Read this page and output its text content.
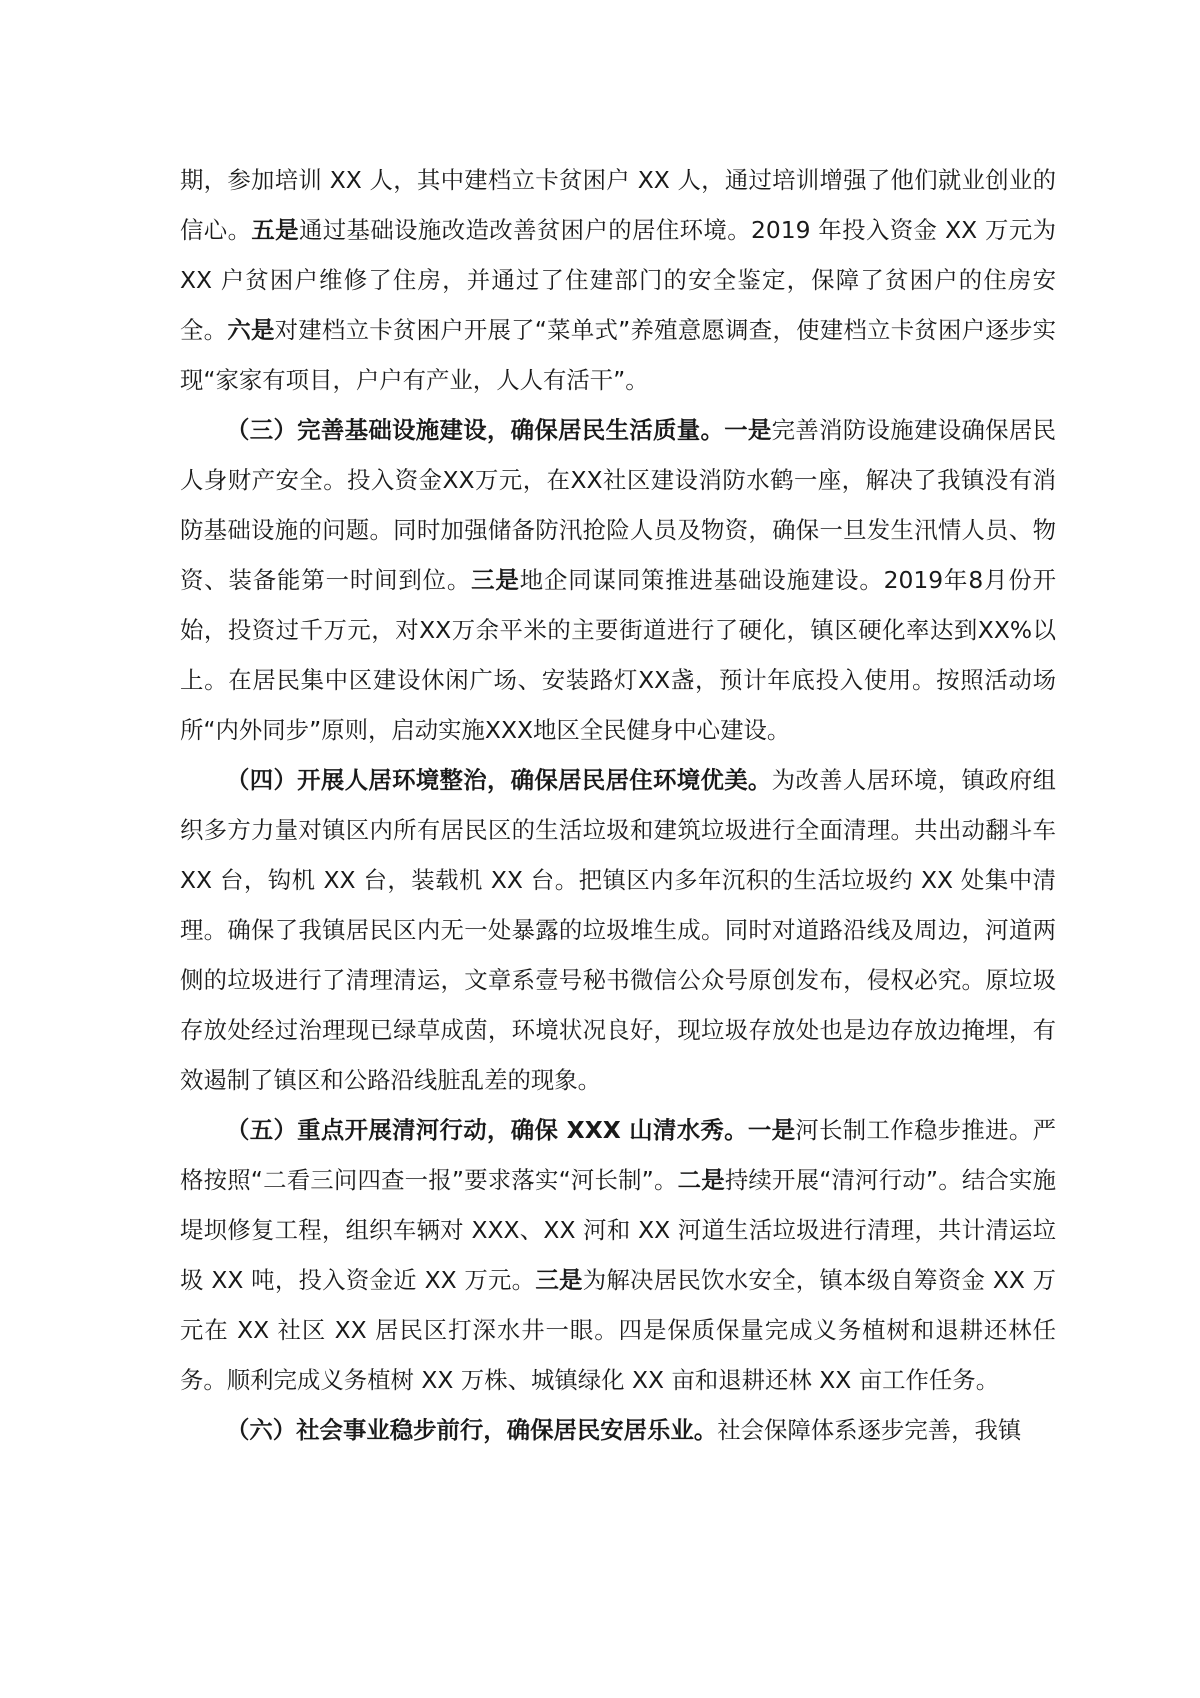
期，参加培训 XX 人，其中建档立卡贫困户 XX 人，通过培训增强了他们就业创业的信心。五是通过基础设施改造改善贫困户的居住环境。2019 年投入资金 XX 万元为 XX 户贫困户维修了住房，并通过了住建部门的安全鉴定，保障了贫困户的住房安全。六是对建档立卡贫困户开展了“菜单式”养殖意愿调查，使建档立卡贫困户逐步实现“家家有项目，户户有产业，人人有活干”。

（三）完善基础设施建设，确保居民生活质量。一是完善消防设施建设确保居民人身财产安全。投入资金XX万元，在XX社区建设消防水鹤一座，解决了我镇没有消防基础设施的问题。同时加强储备防汛抢险人员及物资，确保一旦发生汛情人员、物资、装备能第一时间到位。三是地企同谋同策推进基础设施建设。2019年8月份开始，投资过千万元，对XX万余平米的主要街道进行了硬化，镇区硬化率达到XX%以上。在居民集中区建设休闲广场、安装路灯XX盏，预计年底投入使用。按照活动场所“内外同步”原则，启动实施XXX地区全民健身中心建设。

（四）开展人居环境整治，确保居民居住环境优美。为改善人居环境，镇政府组织多方力量对镇区内所有居民区的生活垃圾和建筑垃圾进行全面清理。共出动翻斗车 XX 台，钩机 XX 台，装载机 XX 台。把镇区内多年沉积的生活垃圾约 XX 处集中清理。确保了我镇居民区内无一处暴露的垃圾堆生成。同时对道路沿线及周边，河道两侧的垃圾进行了清理清运，文章系壹号秘书微信公众号原创发布，侵权必究。原垃圾存放处经过治理现已绿草成茵，环境状况良好，现垃圾存放处也是边存放边掩埋，有效遏制了镇区和公路沿线脏乱差的现象。

（五）重点开展清河行动，确保 XXX 山清水秀。一是河长制工作稳步推进。严格按照“二看三问四查一报”要求落实“河长制”。二是持续开展“清河行动”。结合实施堤坝修复工程，组织车辆对 XXX、XX 河和 XX 河道生活垃圾进行清理，共计清运垃圾 XX 吨，投入资金近 XX 万元。三是为解决居民饮水安全，镇本级自筹资金 XX 万元在 XX 社区 XX 居民区打深水井一眼。四是保质保量完成义务植树和退耕还林任务。顺利完成义务植树 XX 万株、城镇绿化 XX 亩和退耕还林 XX 亩工作任务。

（六）社会事业稳步前行，确保居民安居乐业。社会保障体系逐步完善，我镇
